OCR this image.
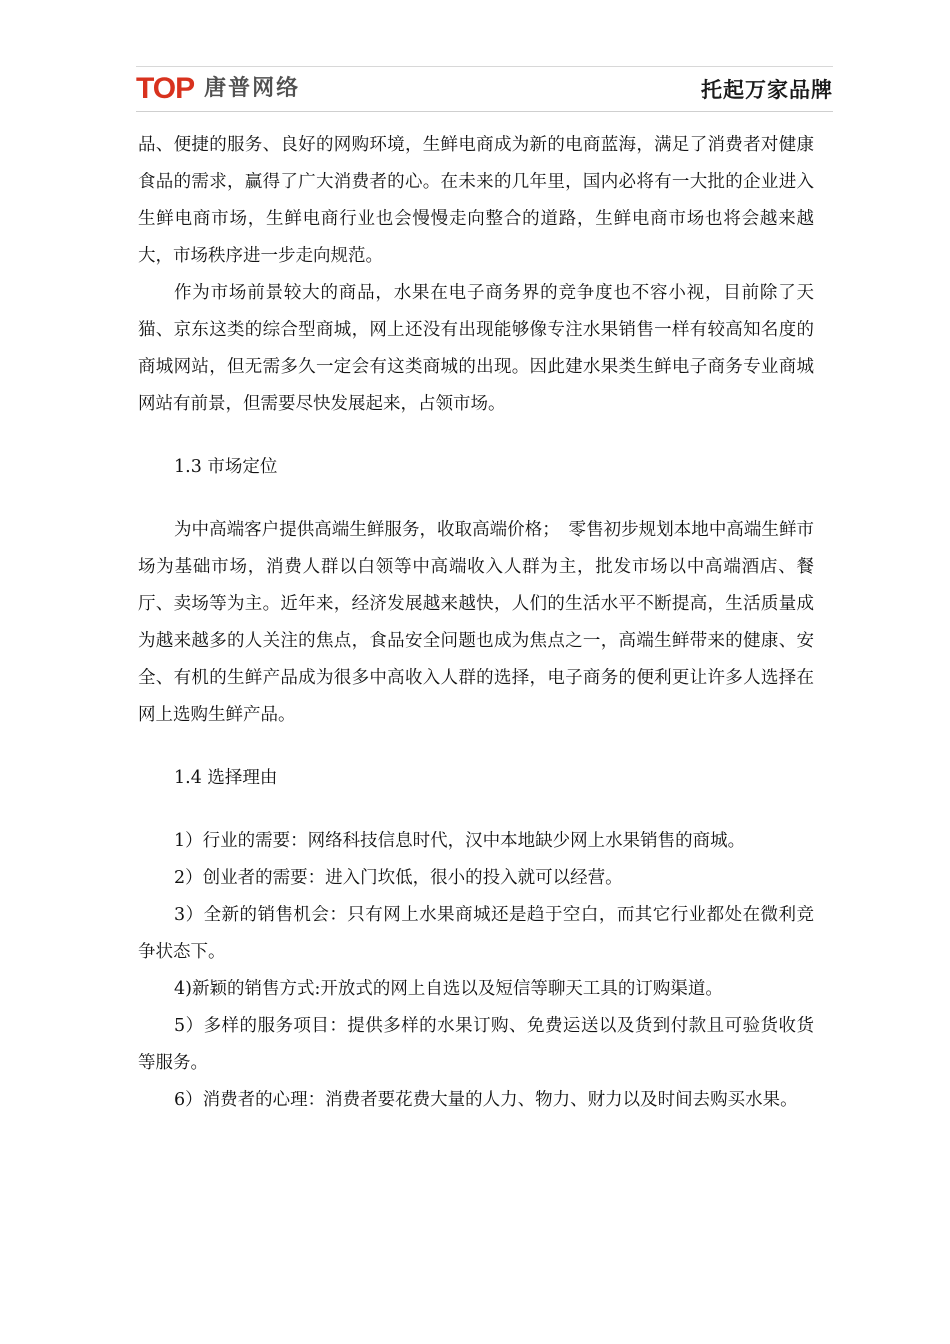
TOP 唐普网络	托起万家品牌

品、便捷的服务、良好的网购环境，生鲜电商成为新的电商蓝海，满足了消费者对健康食品的需求，赢得了广大消费者的心。在未来的几年里，国内必将有一大批的企业进入生鲜电商市场，生鲜电商行业也会慢慢走向整合的道路，生鲜电商市场也将会越来越大，市场秩序进一步走向规范。

作为市场前景较大的商品，水果在电子商务界的竞争度也不容小视，目前除了天猫、京东这类的综合型商城，网上还没有出现能够像专注水果销售一样有较高知名度的商城网站，但无需多久一定会有这类商城的出现。因此建水果类生鲜电子商务专业商城网站有前景，但需要尽快发展起来，占领市场。

1.3 市场定位

为中高端客户提供高端生鲜服务，收取高端价格；　零售初步规划本地中高端生鲜市场为基础市场，消费人群以白领等中高端收入人群为主，批发市场以中高端酒店、餐厅、卖场等为主。近年来，经济发展越来越快，人们的生活水平不断提高，生活质量成为越来越多的人关注的焦点，食品安全问题也成为焦点之一，高端生鲜带来的健康、安全、有机的生鲜产品成为很多中高收入人群的选择，电子商务的便利更让许多人选择在网上选购生鲜产品。

1.4 选择理由

1）行业的需要：网络科技信息时代，汉中本地缺少网上水果销售的商城。

2）创业者的需要：进入门坎低，很小的投入就可以经营。

3）全新的销售机会：只有网上水果商城还是趋于空白，而其它行业都处在微利竞争状态下。

4)新颖的销售方式:开放式的网上自选以及短信等聊天工具的订购渠道。

5）多样的服务项目：提供多样的水果订购、免费运送以及货到付款且可验货收货等服务。

6）消费者的心理：消费者要花费大量的人力、物力、财力以及时间去购买水果。
